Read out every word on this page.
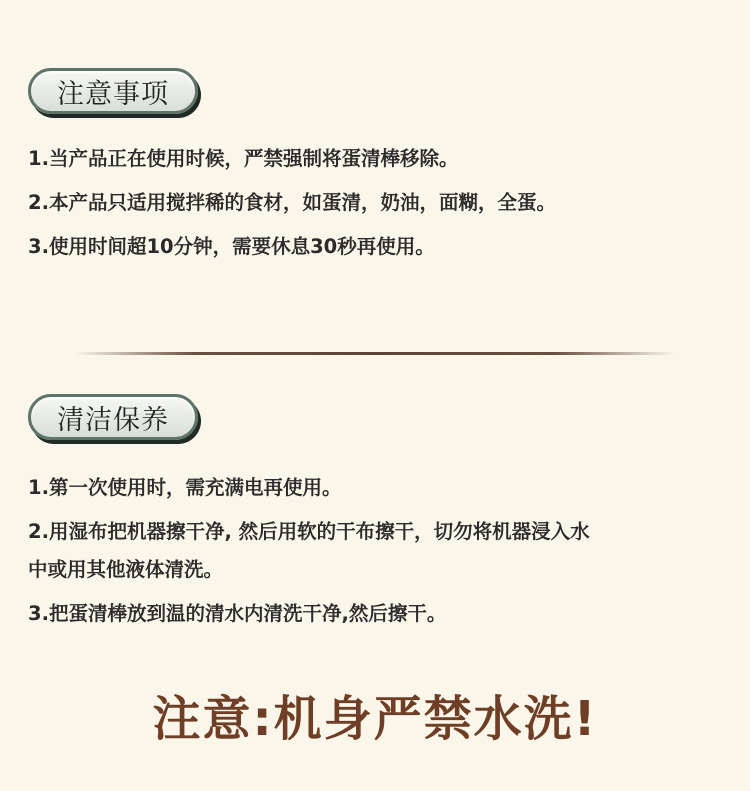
注意事项
1.当产品正在使用时候，严禁强制将蛋清棒移除。
2.本产品只适用搅拌稀的食材，如蛋清，奶油，面糊，全蛋。
3.使用时间超10分钟，需要休息30秒再使用。
清洁保养
1.第一次使用时，需充满电再使用。
2.用湿布把机器擦干净, 然后用软的干布擦干，切勿将机器浸入水
中或用其他液体清洗。
3.把蛋清棒放到温的清水内清洗干净,然后擦干。
注意:机身严禁水洗!
